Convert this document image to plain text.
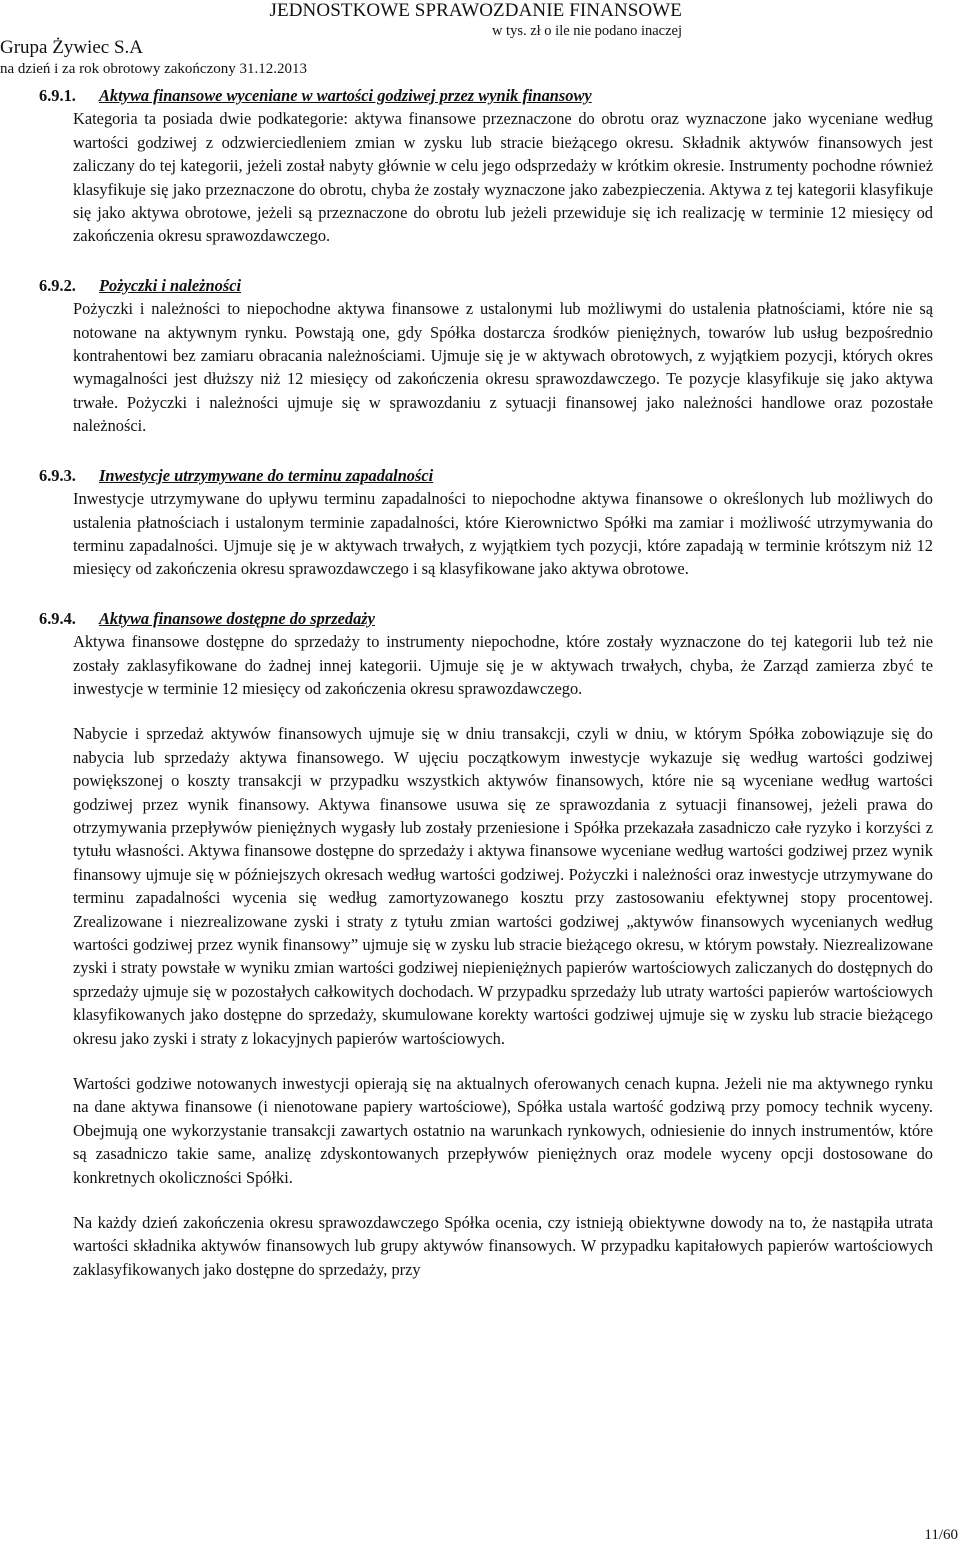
JEDNOSTKOWE SPRAWOZDANIE FINANSOWE
w tys. zł o ile nie podano inaczej
Grupa Żywiec S.A
na dzień i za rok obrotowy zakończony 31.12.2013
6.9.1. Aktywa finansowe wyceniane w wartości godziwej przez wynik finansowy

Kategoria ta posiada dwie podkategorie: aktywa finansowe przeznaczone do obrotu oraz wyznaczone jako wyceniane według wartości godziwej z odzwierciedleniem zmian w zysku lub stracie bieżącego okresu. Składnik aktywów finansowych jest zaliczany do tej kategorii, jeżeli został nabyty głównie w celu jego odsprzedaży w krótkim okresie. Instrumenty pochodne również klasyfikuje się jako przeznaczone do obrotu, chyba że zostały wyznaczone jako zabezpieczenia. Aktywa z tej kategorii klasyfikuje się jako aktywa obrotowe, jeżeli są przeznaczone do obrotu lub jeżeli przewiduje się ich realizację w terminie 12 miesięcy od zakończenia okresu sprawozdawczego.

6.9.2. Pożyczki i należności

Pożyczki i należności to niepochodne aktywa finansowe z ustalonymi lub możliwymi do ustalenia płatnościami, które nie są notowane na aktywnym rynku. Powstają one, gdy Spółka dostarcza środków pieniężnych, towarów lub usług bezpośrednio kontrahentowi bez zamiaru obracania należnościami. Ujmuje się je w aktywach obrotowych, z wyjątkiem pozycji, których okres wymagalności jest dłuższy niż 12 miesięcy od zakończenia okresu sprawozdawczego. Te pozycje klasyfikuje się jako aktywa trwałe. Pożyczki i należności ujmuje się w sprawozdaniu z sytuacji finansowej jako należności handlowe oraz pozostałe należności.

6.9.3. Inwestycje utrzymywane do terminu zapadalności

Inwestycje utrzymywane do upływu terminu zapadalności to niepochodne aktywa finansowe o określonych lub możliwych do ustalenia płatnościach i ustalonym terminie zapadalności, które Kierownictwo Spółki ma zamiar i możliwość utrzymywania do terminu zapadalności. Ujmuje się je w aktywach trwałych, z wyjątkiem tych pozycji, które zapadają w terminie krótszym niż 12 miesięcy od zakończenia okresu sprawozdawczego i są klasyfikowane jako aktywa obrotowe.

6.9.4. Aktywa finansowe dostępne do sprzedaży

Aktywa finansowe dostępne do sprzedaży to instrumenty niepochodne, które zostały wyznaczone do tej kategorii lub też nie zostały zaklasyfikowane do żadnej innej kategorii. Ujmuje się je w aktywach trwałych, chyba, że Zarząd zamierza zbyć te inwestycje w terminie 12 miesięcy od zakończenia okresu sprawozdawczego.

Nabycie i sprzedaż aktywów finansowych ujmuje się w dniu transakcji, czyli w dniu, w którym Spółka zobowiązuje się do nabycia lub sprzedaży aktywa finansowego. W ujęciu początkowym inwestycje wykazuje się według wartości godziwej powiększonej o koszty transakcji w przypadku wszystkich aktywów finansowych, które nie są wyceniane według wartości godziwej przez wynik finansowy. Aktywa finansowe usuwa się ze sprawozdania z sytuacji finansowej, jeżeli prawa do otrzymywania przepływów pieniężnych wygasły lub zostały przeniesione i Spółka przekazała zasadniczo całe ryzyko i korzyści z tytułu własności. Aktywa finansowe dostępne do sprzedaży i aktywa finansowe wyceniane według wartości godziwej przez wynik finansowy ujmuje się w późniejszych okresach według wartości godziwej. Pożyczki i należności oraz inwestycje utrzymywane do terminu zapadalności wycenia się według zamortyzowanego kosztu przy zastosowaniu efektywnej stopy procentowej. Zrealizowane i niezrealizowane zyski i straty z tytułu zmian wartości godziwej „aktywów finansowych wycenianych według wartości godziwej przez wynik finansowy” ujmuje się w zysku lub stracie bieżącego okresu, w którym powstały. Niezrealizowane zyski i straty powstałe w wyniku zmian wartości godziwej niepieniężnych papierów wartościowych zaliczanych do dostępnych do sprzedaży ujmuje się w pozostałych całkowitych dochodach. W przypadku sprzedaży lub utraty wartości papierów wartościowych klasyfikowanych jako dostępne do sprzedaży, skumulowane korekty wartości godziwej ujmuje się w zysku lub stracie bieżącego okresu jako zyski i straty z lokacyjnych papierów wartościowych.

Wartości godziwe notowanych inwestycji opierają się na aktualnych oferowanych cenach kupna. Jeżeli nie ma aktywnego rynku na dane aktywa finansowe (i nienotowane papiery wartościowe), Spółka ustala wartość godziwą przy pomocy technik wyceny. Obejmują one wykorzystanie transakcji zawartych ostatnio na warunkach rynkowych, odniesienie do innych instrumentów, które są zasadniczo takie same, analizę zdyskontowanych przepływów pieniężnych oraz modele wyceny opcji dostosowane do konkretnych okoliczności Spółki.

Na każdy dzień zakończenia okresu sprawozdawczego Spółka ocenia, czy istnieją obiektywne dowody na to, że nastąpiła utrata wartości składnika aktywów finansowych lub grupy aktywów finansowych. W przypadku kapitałowych papierów wartościowych zaklasyfikowanych jako dostępne do sprzedaży, przy

11/60
